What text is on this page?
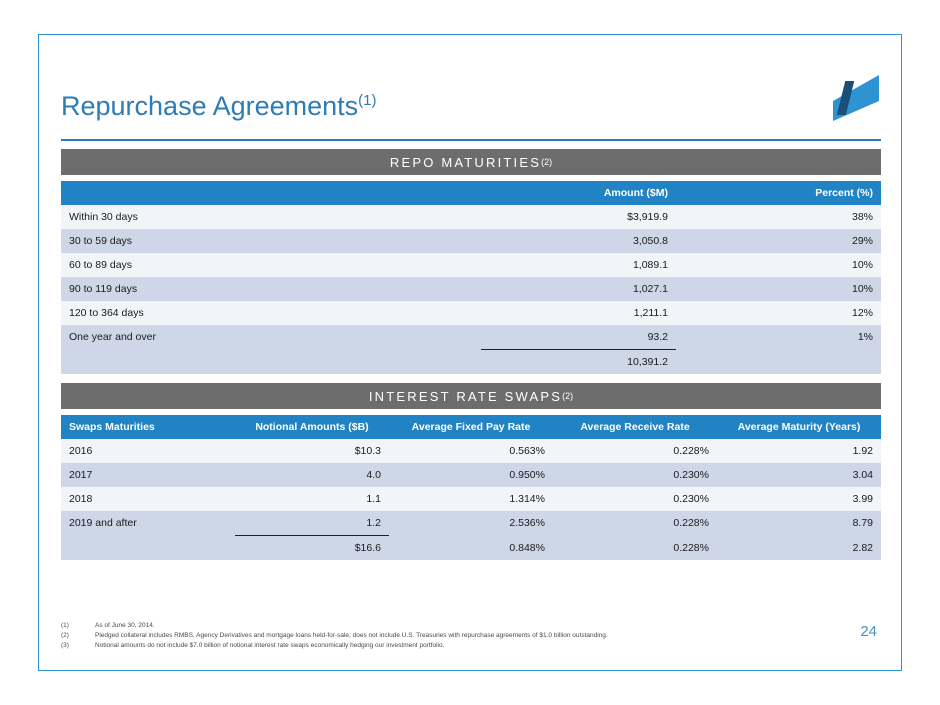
Repurchase Agreements$^{(1)}$
REPO MATURITIES (2)
	Amount ($M)	Percent (%)
Within 30 days	$3,919.9	38%
30 to 59 days	3,050.8	29%
60 to 89 days	1,089.1	10%
90 to 119 days	1,027.1	10%
120 to 364 days	1,211.1	12%
One year and over	93.2	1%
	10,391.2	
INTEREST RATE SWAPS (2)
Swaps Maturities	Notional Amounts ($B)	Average Fixed Pay Rate	Average Receive Rate	Average Maturity (Years)
2016	$10.3	0.563%	0.228%	1.92
2017	4.0	0.950%	0.230%	3.04
2018	1.1	1.314%	0.230%	3.99
2019 and after	1.2	2.536%	0.228%	8.79
	$16.6	0.848%	0.228%	2.82
(1)	As of June 30, 2014.
(2)	Pledged collateral includes RMBS, Agency Derivatives and mortgage loans held-for-sale; does not include U.S. Treasuries with repurchase agreements of $1.0 billion outstanding.
(3)	Notional amounts do not include $7.0 billion of notional interest rate swaps economically hedging our investment portfolio.
24
